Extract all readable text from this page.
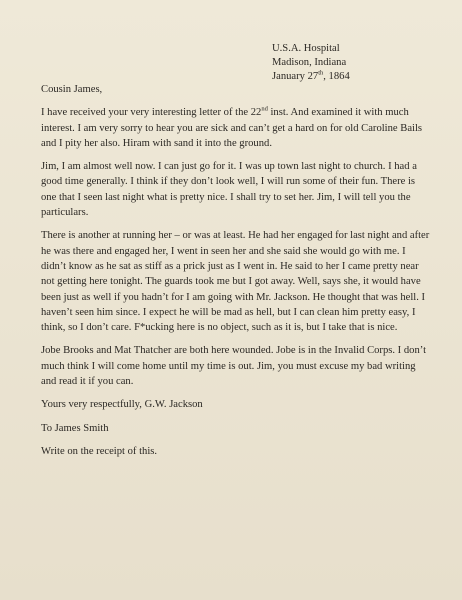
U.S.A. Hospital
Madison, Indiana
January 27th, 1864

Cousin James,

I have received your very interesting letter of the 22nd inst. And examined it with much interest. I am very sorry to hear you are sick and can’t get a hard on for old Caroline Bails and I pity her also. Hiram with sand it into the ground.

Jim, I am almost well now. I can just go for it. I was up town last night to church. I had a good time generally. I think if they don’t look well, I will run some of their fun. There is one that I seen last night what is pretty nice. I shall try to set her. Jim, I will tell you the particulars.

There is another at running her – or was at least. He had her engaged for last night and after he was there and engaged her, I went in seen her and she said she would go with me. I didn’t know as he sat as stiff as a prick just as I went in. He said to her I came pretty near not getting here tonight. The guards took me but I got away. Well, says she, it would have been just as well if you hadn’t for I am going with Mr. Jackson. He thought that was hell. I haven’t seen him since. I expect he will be mad as hell, but I can clean him pretty easy, I think, so I don’t care. F*ucking here is no object, such as it is, but I take that is nice.

Jobe Brooks and Mat Thatcher are both here wounded. Jobe is in the Invalid Corps. I don’t much think I will come home until my time is out. Jim, you must excuse my bad writing and read it if you can.

Yours very respectfully, G.W. Jackson

To James Smith

Write on the receipt of this.
